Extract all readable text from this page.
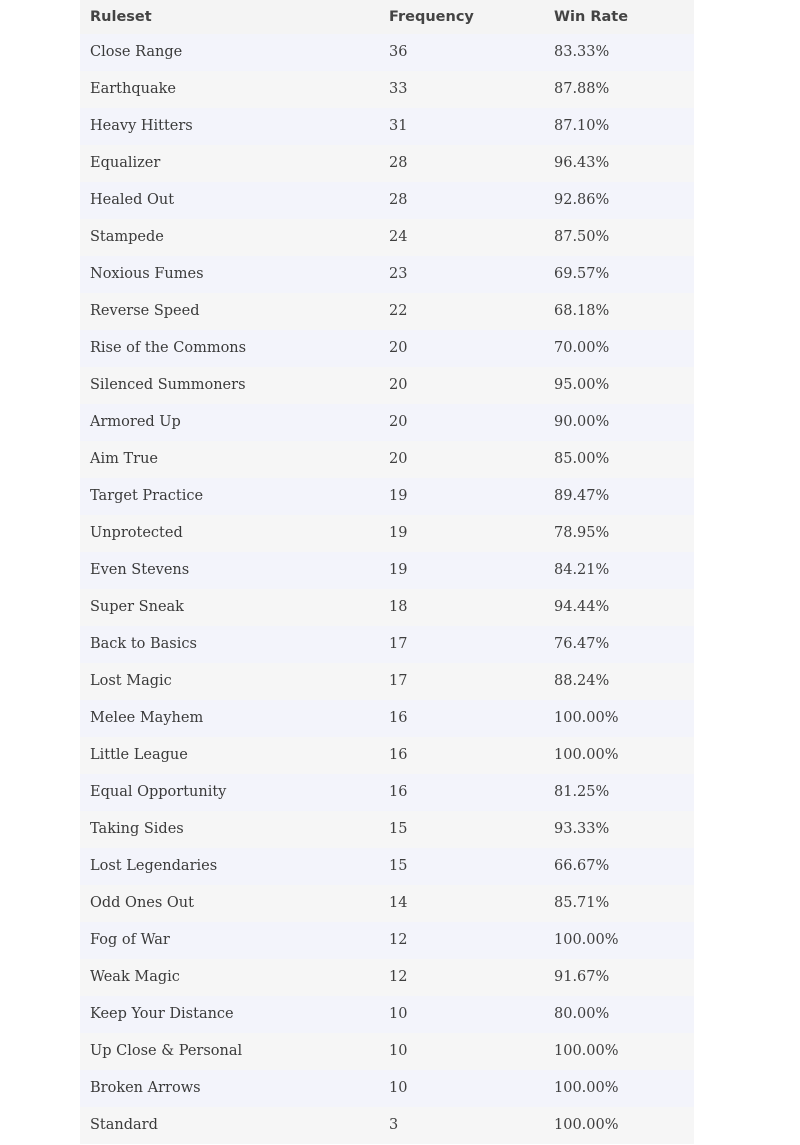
Ruleset	Frequency	Win Rate
Close Range	36	83.33%
Earthquake	33	87.88%
Heavy Hitters	31	87.10%
Equalizer	28	96.43%
Healed Out	28	92.86%
Stampede	24	87.50%
Noxious Fumes	23	69.57%
Reverse Speed	22	68.18%
Rise of the Commons	20	70.00%
Silenced Summoners	20	95.00%
Armored Up	20	90.00%
Aim True	20	85.00%
Target Practice	19	89.47%
Unprotected	19	78.95%
Even Stevens	19	84.21%
Super Sneak	18	94.44%
Back to Basics	17	76.47%
Lost Magic	17	88.24%
Melee Mayhem	16	100.00%
Little League	16	100.00%
Equal Opportunity	16	81.25%
Taking Sides	15	93.33%
Lost Legendaries	15	66.67%
Odd Ones Out	14	85.71%
Fog of War	12	100.00%
Weak Magic	12	91.67%
Keep Your Distance	10	80.00%
Up Close & Personal	10	100.00%
Broken Arrows	10	100.00%
Standard	3	100.00%
